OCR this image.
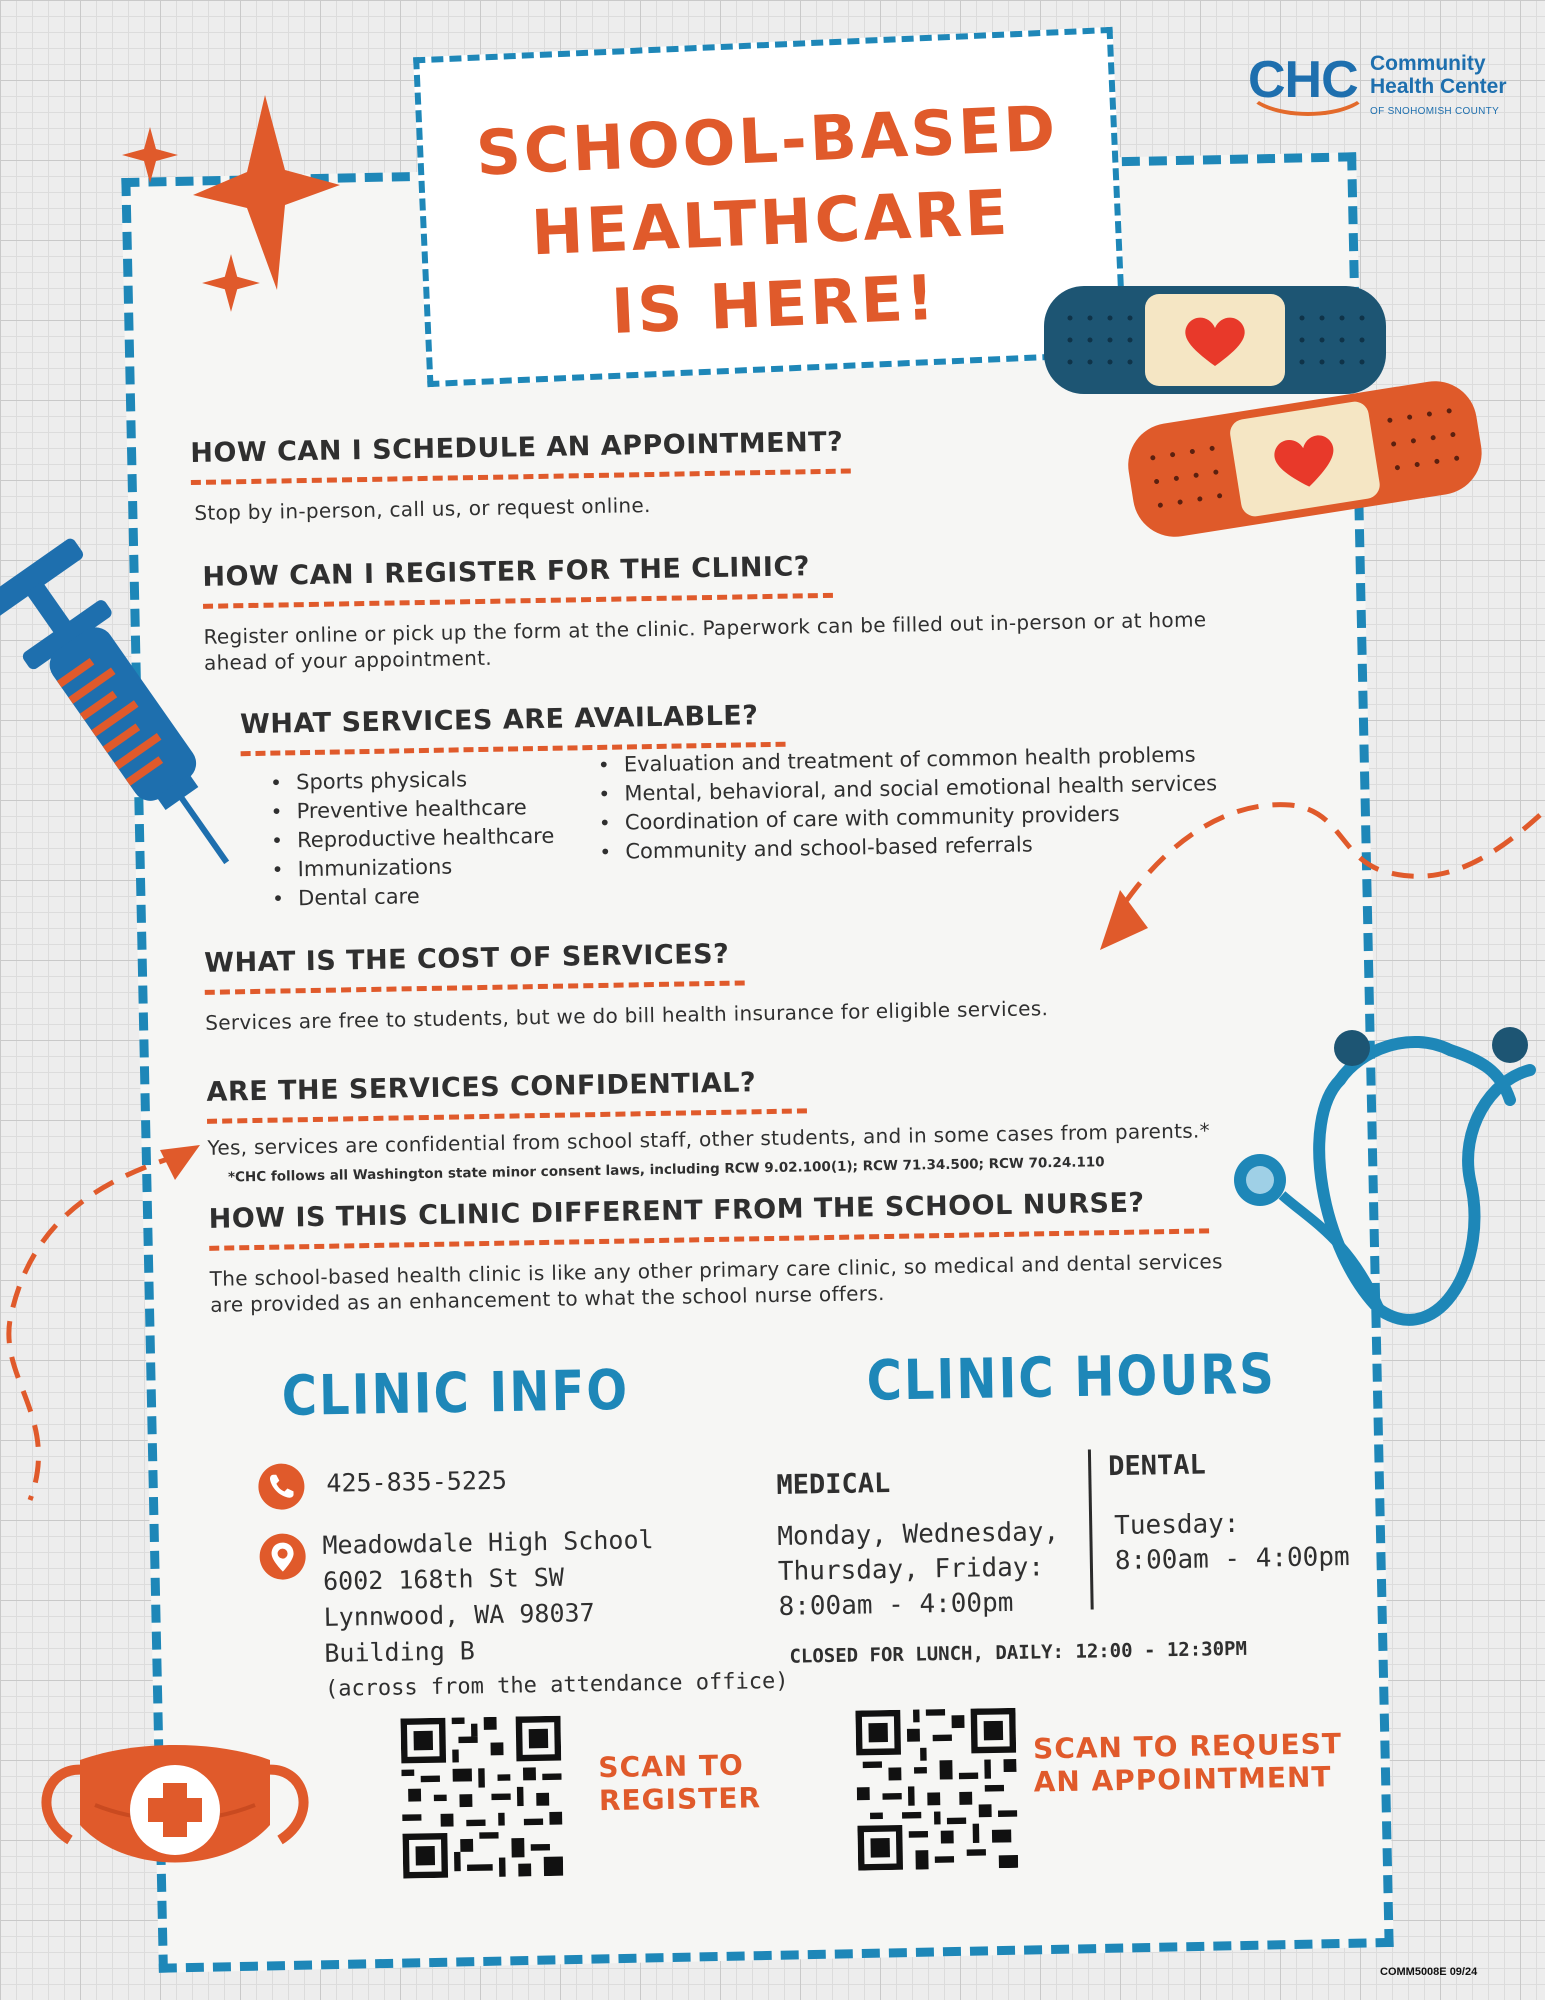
SCHOOL-BASED
HEALTHCARE
IS HERE!
CHC Community
Health Center
OF SNOHOMISH COUNTY
HOW CAN I SCHEDULE AN APPOINTMENT?
Stop by in-person, call us, or request online.
HOW CAN I REGISTER FOR THE CLINIC?
Register online or pick up the form at the clinic. Paperwork can be filled out in-person or at home ahead of your appointment.
WHAT SERVICES ARE AVAILABLE?
• Sports physicals
• Preventive healthcare
• Reproductive healthcare
• Immunizations
• Dental care
• Evaluation and treatment of common health problems
• Mental, behavioral, and social emotional health services
• Coordination of care with community providers
• Community and school-based referrals
WHAT IS THE COST OF SERVICES?
Services are free to students, but we do bill health insurance for eligible services.
ARE THE SERVICES CONFIDENTIAL?
Yes, services are confidential from school staff, other students, and in some cases from parents.*
*CHC follows all Washington state minor consent laws, including RCW 9.02.100(1); RCW 71.34.500; RCW 70.24.110
HOW IS THIS CLINIC DIFFERENT FROM THE SCHOOL NURSE?
The school-based health clinic is like any other primary care clinic, so medical and dental services are provided as an enhancement to what the school nurse offers.
CLINIC INFO
425-835-5225
Meadowdale High School
6002 168th St SW
Lynnwood, WA 98037
Building B
(across from the attendance office)
CLINIC HOURS
MEDICAL
Monday, Wednesday,
Thursday, Friday:
8:00am - 4:00pm
DENTAL
Tuesday:
8:00am - 4:00pm
CLOSED FOR LUNCH, DAILY: 12:00 - 12:30PM
SCAN TO
REGISTER
SCAN TO REQUEST
AN APPOINTMENT
COMM5008E 09/24
